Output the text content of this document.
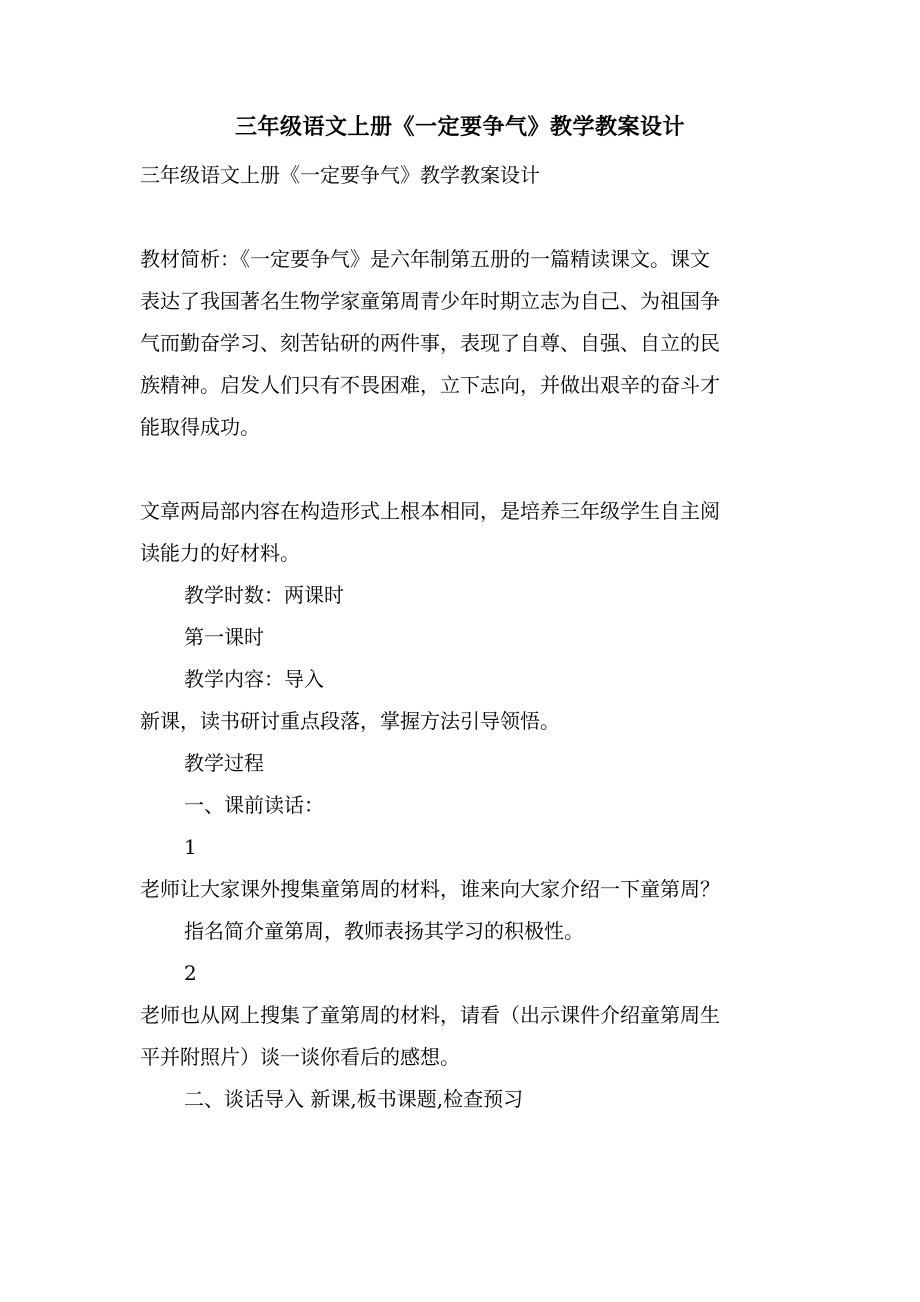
三年级语文上册《一定要争气》教学教案设计

三年级语文上册《一定要争气》教学教案设计

教材简析：《一定要争气》是六年制第五册的一篇精读课文。课文

表达了我国著名生物学家童第周青少年时期立志为自己、为祖国争

气而勤奋学习、刻苦钻研的两件事，表现了自尊、自强、自立的民

族精神。启发人们只有不畏困难，立下志向，并做出艰辛的奋斗才

能取得成功。

文章两局部内容在构造形式上根本相同，是培养三年级学生自主阅

读能力的好材料。

教学时数：两课时

第一课时

教学内容：导入

新课，读书研讨重点段落，掌握方法引导领悟。

教学过程

一、课前读话：

1

老师让大家课外搜集童第周的材料，谁来向大家介绍一下童第周？

指名简介童第周，教师表扬其学习的积极性。

2

老师也从网上搜集了童第周的材料，请看（出示课件介绍童第周生

平并附照片）谈一谈你看后的感想。

二、谈话导入 新课,板书课题,检查预习
